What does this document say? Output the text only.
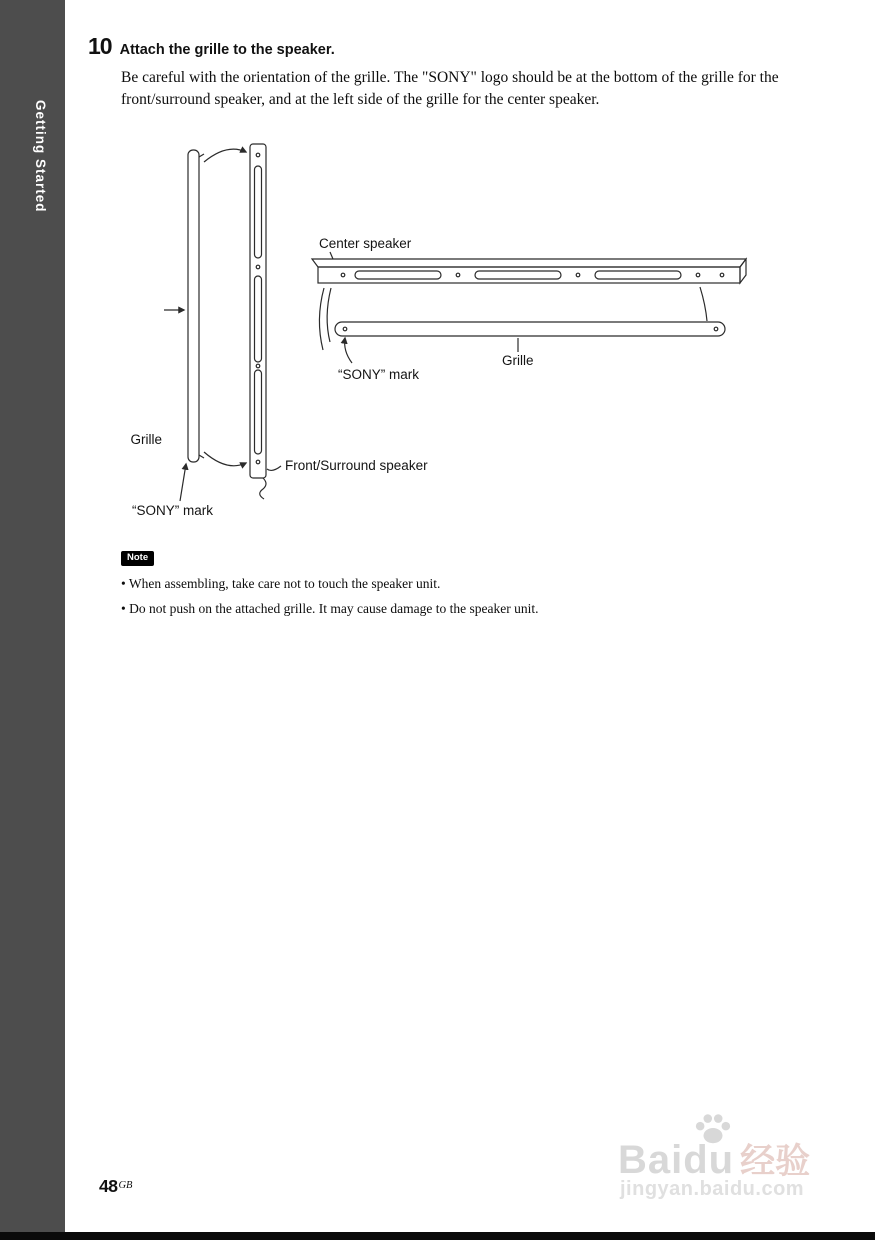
Getting Started
10 Attach the grille to the speaker.

Be careful with the orientation of the grille. The "SONY" logo should be at the bottom of the grille for the front/surround speaker, and at the left side of the grille for the center speaker.

Grille
Center speaker
Grille
“SONY” mark
Front/Surround speaker
“SONY” mark
Note

• When assembling, take care not to touch the speaker unit.

• Do not push on the attached grille. It may cause damage to the speaker unit.

$48^{GB}$
Baidu 经验
jingyan.baidu.com
